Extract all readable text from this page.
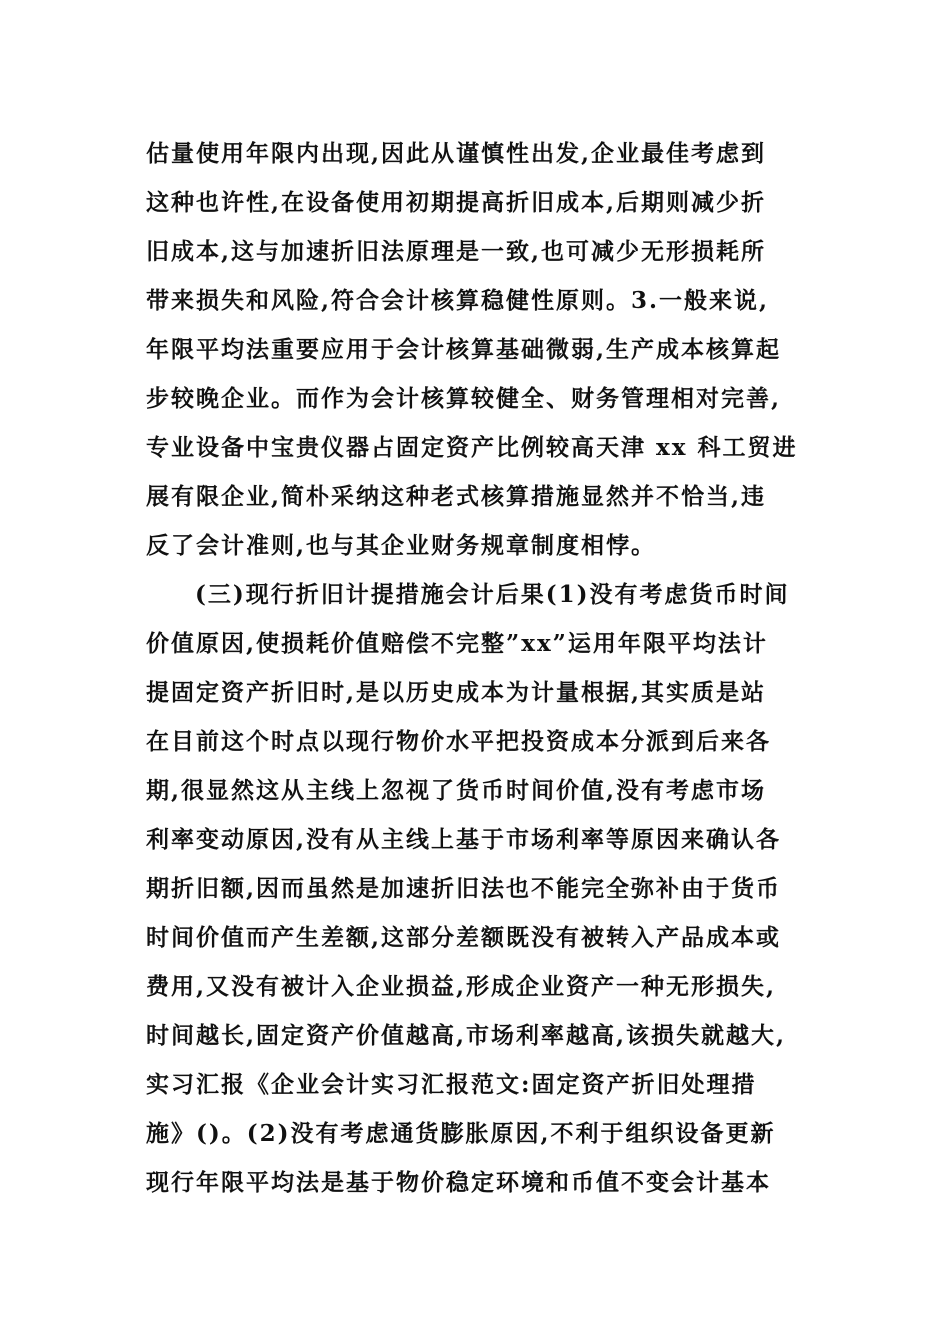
估量使用年限内出现,因此从谨慎性出发,企业最佳考虑到
这种也许性,在设备使用初期提高折旧成本,后期则减少折
旧成本,这与加速折旧法原理是一致,也可减少无形损耗所
带来损失和风险,符合会计核算稳健性原则。3.一般来说,
年限平均法重要应用于会计核算基础微弱,生产成本核算起
步较晚企业。而作为会计核算较健全、财务管理相对完善,
专业设备中宝贵仪器占固定资产比例较高天津 xx 科工贸进
展有限企业,简朴采纳这种老式核算措施显然并不恰当,违
反了会计准则,也与其企业财务规章制度相悖。
(三)现行折旧计提措施会计后果(1)没有考虑货币时间
价值原因,使损耗价值赔偿不完整”xx”运用年限平均法计
提固定资产折旧时,是以历史成本为计量根据,其实质是站
在目前这个时点以现行物价水平把投资成本分派到后来各
期,很显然这从主线上忽视了货币时间价值,没有考虑市场
利率变动原因,没有从主线上基于市场利率等原因来确认各
期折旧额,因而虽然是加速折旧法也不能完全弥补由于货币
时间价值而产生差额,这部分差额既没有被转入产品成本或
费用,又没有被计入企业损益,形成企业资产一种无形损失,
时间越长,固定资产价值越高,市场利率越高,该损失就越大,
实习汇报《企业会计实习汇报范文:固定资产折旧处理措
施》()。(2)没有考虑通货膨胀原因,不利于组织设备更新
现行年限平均法是基于物价稳定环境和币值不变会计基本
